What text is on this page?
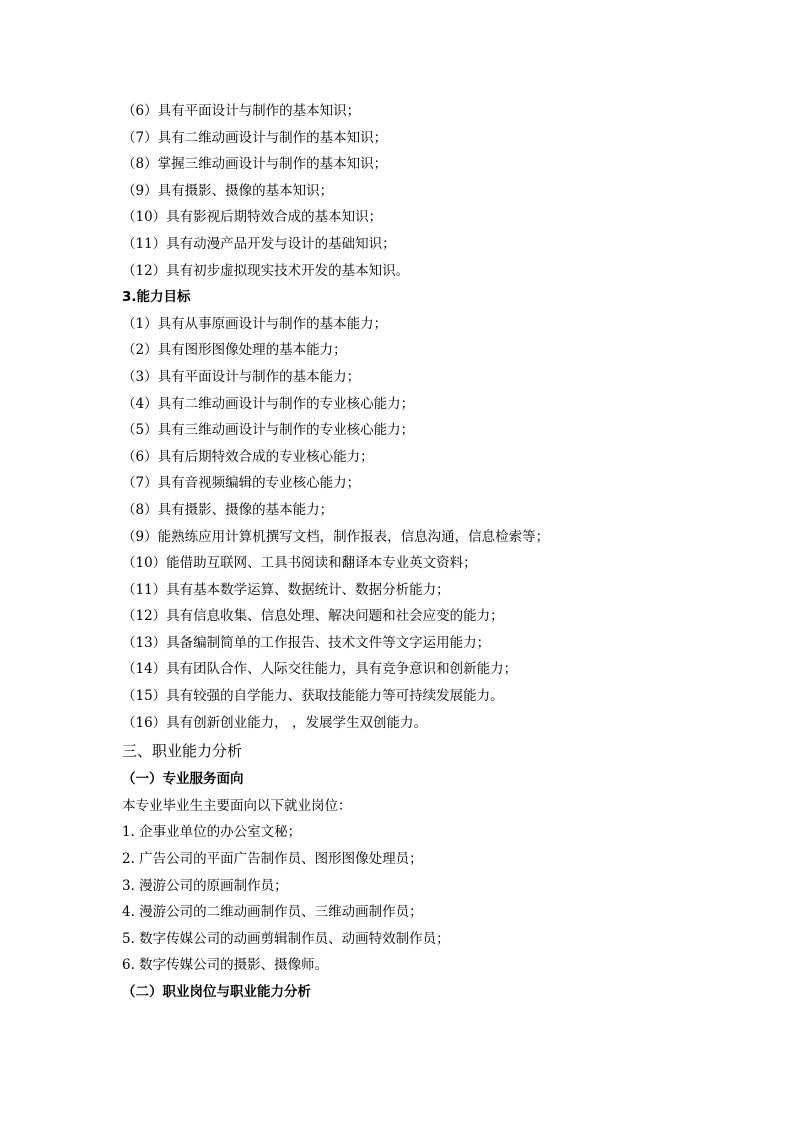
（6）具有平面设计与制作的基本知识；
（7）具有二维动画设计与制作的基本知识；
（8）掌握三维动画设计与制作的基本知识；
（9）具有摄影、摄像的基本知识；
（10）具有影视后期特效合成的基本知识；
（11）具有动漫产品开发与设计的基础知识；
（12）具有初步虚拟现实技术开发的基本知识。
3.能力目标
（1）具有从事原画设计与制作的基本能力；
（2）具有图形图像处理的基本能力；
（3）具有平面设计与制作的基本能力；
（4）具有二维动画设计与制作的专业核心能力；
（5）具有三维动画设计与制作的专业核心能力；
（6）具有后期特效合成的专业核心能力；
（7）具有音视频编辑的专业核心能力；
（8）具有摄影、摄像的基本能力；
（9）能熟练应用计算机撰写文档，制作报表，信息沟通，信息检索等；
（10）能借助互联网、工具书阅读和翻译本专业英文资料；
（11）具有基本数学运算、数据统计、数据分析能力；
（12）具有信息收集、信息处理、解决问题和社会应变的能力；
（13）具备编制简单的工作报告、技术文件等文字运用能力；
（14）具有团队合作、人际交往能力，具有竞争意识和创新能力；
（15）具有较强的自学能力、获取技能能力等可持续发展能力。
（16）具有创新创业能力， ，发展学生双创能力。
三、职业能力分析
（一）专业服务面向
本专业毕业生主要面向以下就业岗位：
1. 企事业单位的办公室文秘；
2. 广告公司的平面广告制作员、图形图像处理员；
3. 漫游公司的原画制作员；
4. 漫游公司的二维动画制作员、三维动画制作员；
5. 数字传媒公司的动画剪辑制作员、动画特效制作员；
6. 数字传媒公司的摄影、摄像师。
（二）职业岗位与职业能力分析
